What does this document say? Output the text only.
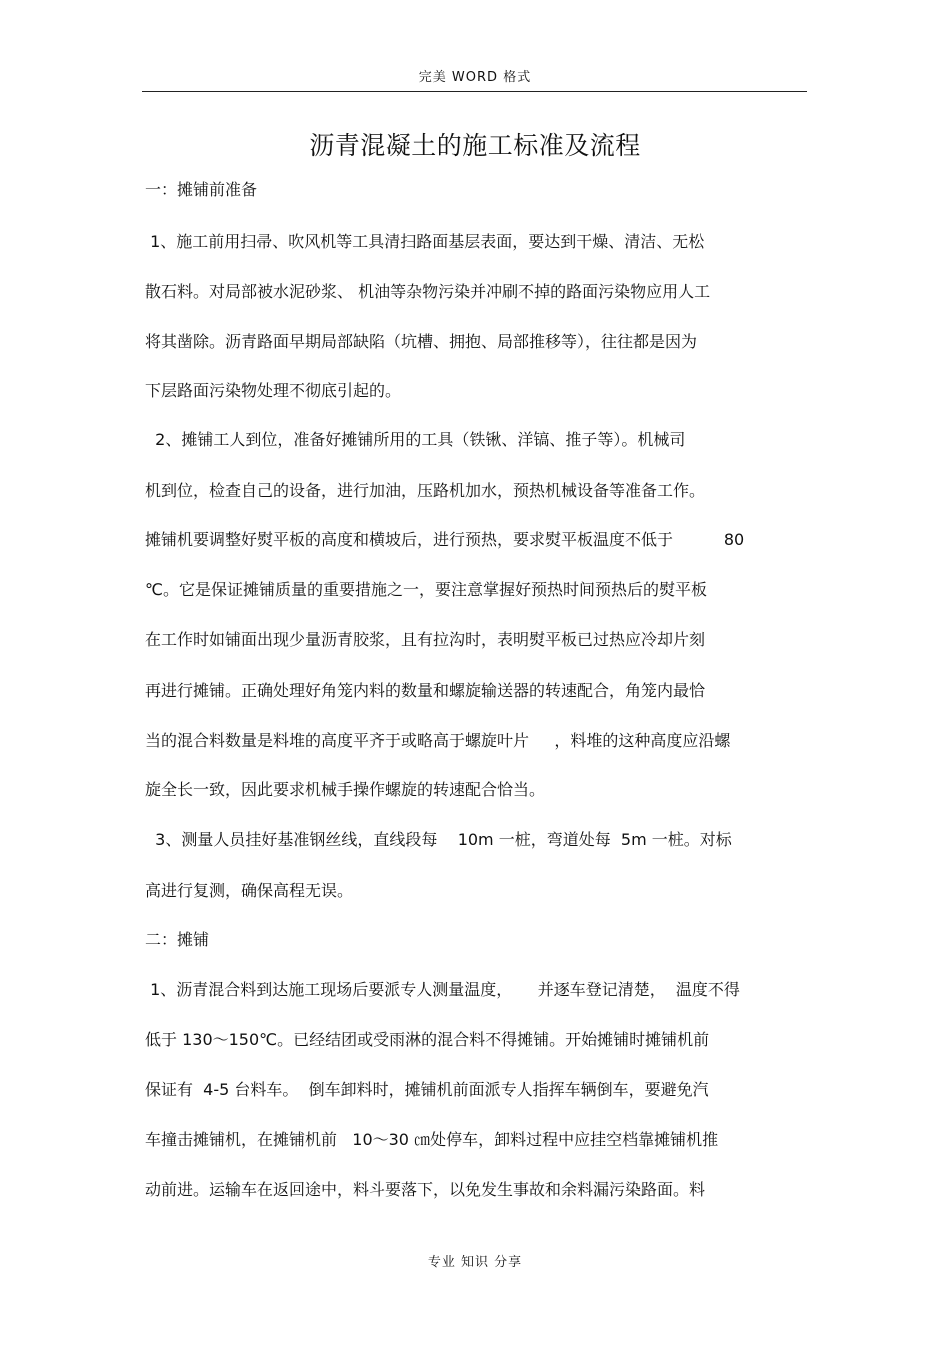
完美 WORD 格式
沥青混凝土的施工标准及流程
一：摊铺前准备
1、施工前用扫帚、吹风机等工具清扫路面基层表面，要达到干燥、清洁、无松
散石料。对局部被水泥砂浆、 机油等杂物污染并冲刷不掉的路面污染物应用人工
将其凿除。沥青路面早期局部缺陷（坑槽、拥抱、局部推移等），往往都是因为
下层路面污染物处理不彻底引起的。
2、摊铺工人到位，准备好摊铺所用的工具（铁锹、洋镐、推子等）。机械司
机到位，检查自己的设备，进行加油，压路机加水，预热机械设备等准备工作。
摊铺机要调整好熨平板的高度和横坡后，进行预热，要求熨平板温度不低于          80
℃。它是保证摊铺质量的重要措施之一，要注意掌握好预热时间预热后的熨平板
在工作时如铺面出现少量沥青胶浆，且有拉沟时，表明熨平板已过热应冷却片刻
再进行摊铺。正确处理好角笼内料的数量和螺旋输送器的转速配合，角笼内最恰
当的混合料数量是料堆的高度平齐于或略高于螺旋叶片     ，料堆的这种高度应沿螺
旋全长一致，因此要求机械手操作螺旋的转速配合恰当。
3、测量人员挂好基准钢丝线，直线段每    10m 一桩，弯道处每  5m 一桩。对标
高进行复测，确保高程无误。
二：摊铺
1、沥青混合料到达施工现场后要派专人测量温度，     并逐车登记清楚，  温度不得
低于 130～150℃。已经结团或受雨淋的混合料不得摊铺。开始摊铺时摊铺机前
保证有  4-5 台料车。  倒车卸料时，摊铺机前面派专人指挥车辆倒车，要避免汽
车撞击摊铺机，在摊铺机前   10～30 ㎝处停车，卸料过程中应挂空档靠摊铺机推
动前进。运输车在返回途中，料斗要落下，以免发生事故和余料漏污染路面。料
专业 知识 分享
